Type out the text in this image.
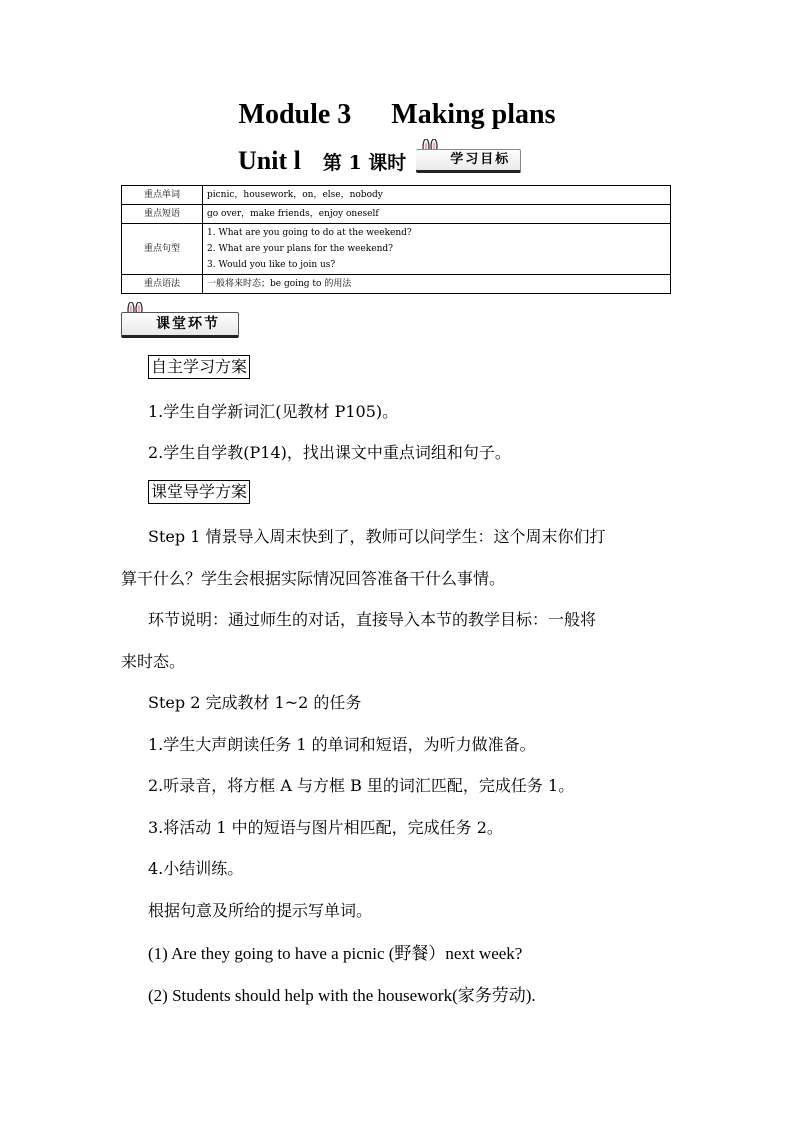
Module 3 Making plans
Unit l 第 1 课时	学习目标
重点单词	picnic，housework，on，else，nobody
重点短语	go over，make friends，enjoy oneself
重点句型	1. What are you going to do at the weekend?
2. What are your plans for the weekend?
3. Would you like to join us?

重点语法	一般将来时态；be going to 的用法
课堂环节
自主学习方案
1.学生自学新词汇(见教材 P105)。
2.学生自学教(P14)，找出课文中重点词组和句子。
课堂导学方案
Step 1 情景导入周末快到了，教师可以问学生：这个周末你们打
算干什么？学生会根据实际情况回答准备干什么事情。
环节说明：通过师生的对话，直接导入本节的教学目标：一般将
来时态。
Step 2 完成教材 1~2 的任务
1.学生大声朗读任务 1 的单词和短语，为听力做准备。
2.听录音，将方框 A 与方框 B 里的词汇匹配，完成任务 1。
3.将活动 1 中的短语与图片相匹配，完成任务 2。
4.小结训练。
根据句意及所给的提示写单词。
(1) Are they going to have a picnic (野餐）next week?
(2) Students should help with the housework(家务劳动).
